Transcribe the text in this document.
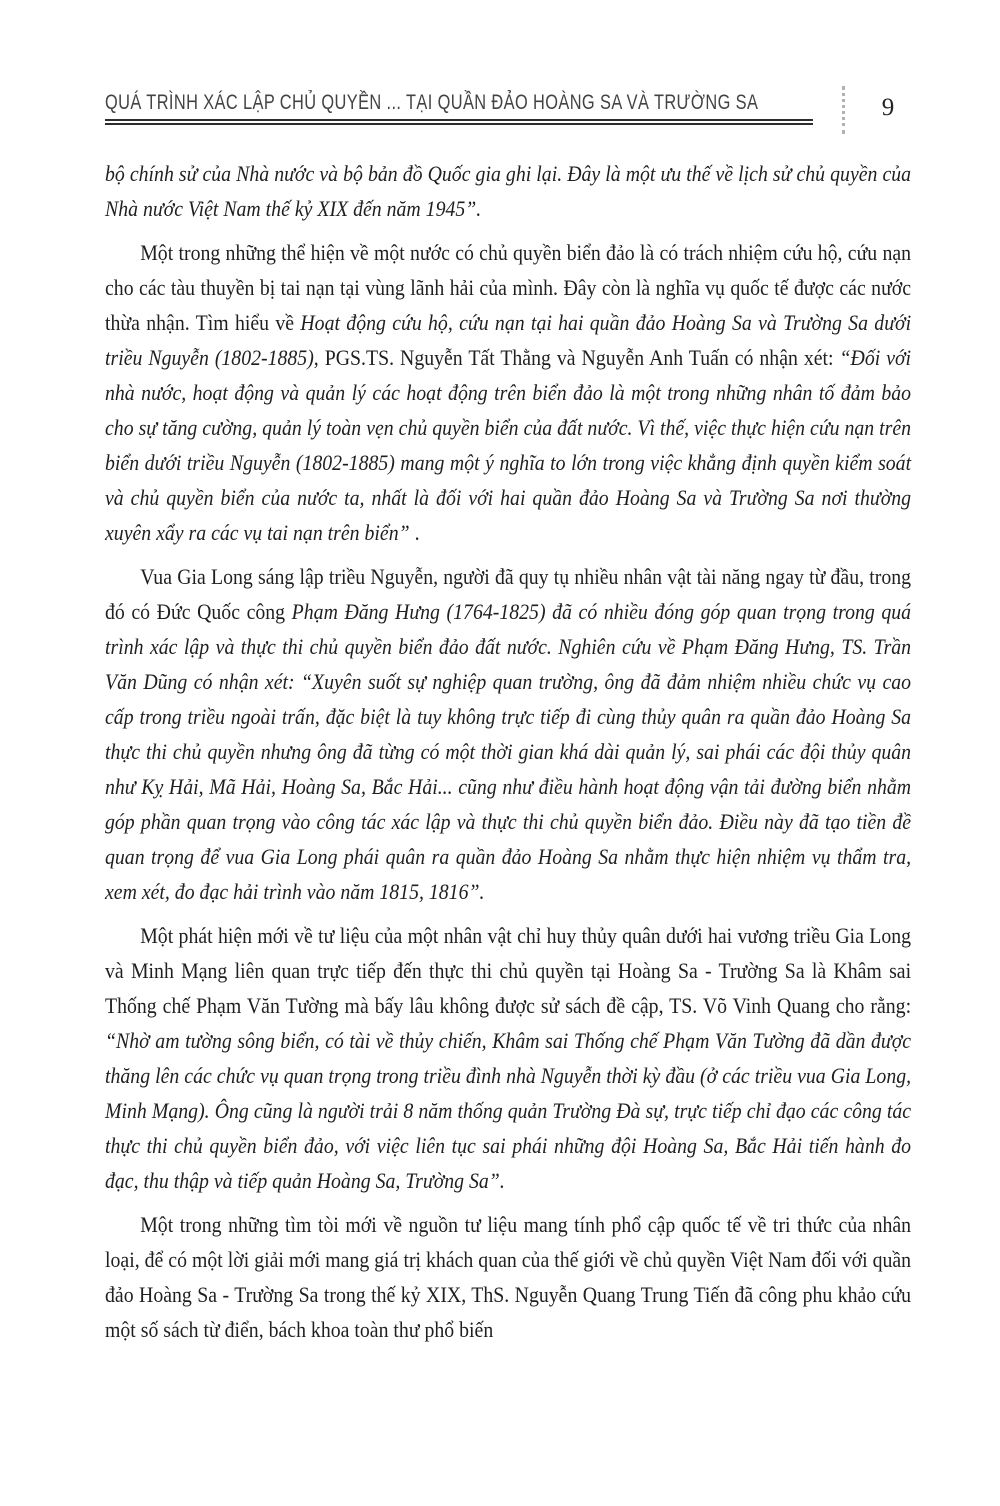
QUÁ TRÌNH XÁC LẬP CHỦ QUYỀN ... TẠI QUẦN ĐẢO HOÀNG SA VÀ TRƯỜNG SA	9

bộ chính sử của Nhà nước và bộ bản đồ Quốc gia ghi lại. Đây là một ưu thế về lịch sử chủ quyền của Nhà nước Việt Nam thế kỷ XIX đến năm 1945”.

Một trong những thể hiện về một nước có chủ quyền biển đảo là có trách nhiệm cứu hộ, cứu nạn cho các tàu thuyền bị tai nạn tại vùng lãnh hải của mình. Đây còn là nghĩa vụ quốc tế được các nước thừa nhận. Tìm hiểu về Hoạt động cứu hộ, cứu nạn tại hai quần đảo Hoàng Sa và Trường Sa dưới triều Nguyễn (1802-1885), PGS.TS. Nguyễn Tất Thằng và Nguyễn Anh Tuấn có nhận xét: “Đối với nhà nước, hoạt động và quản lý các hoạt động trên biển đảo là một trong những nhân tố đảm bảo cho sự tăng cường, quản lý toàn vẹn chủ quyền biển của đất nước. Vì thế, việc thực hiện cứu nạn trên biển dưới triều Nguyễn (1802-1885) mang một ý nghĩa to lớn trong việc khẳng định quyền kiểm soát và chủ quyền biển của nước ta, nhất là đối với hai quần đảo Hoàng Sa và Trường Sa nơi thường xuyên xẩy ra các vụ tai nạn trên biển” .

Vua Gia Long sáng lập triều Nguyễn, người đã quy tụ nhiều nhân vật tài năng ngay từ đầu, trong đó có Đức Quốc công Phạm Đăng Hưng (1764-1825) đã có nhiều đóng góp quan trọng trong quá trình xác lập và thực thi chủ quyền biển đảo đất nước. Nghiên cứu về Phạm Đăng Hưng, TS. Trần Văn Dũng có nhận xét: “Xuyên suốt sự nghiệp quan trường, ông đã đảm nhiệm nhiều chức vụ cao cấp trong triều ngoài trấn, đặc biệt là tuy không trực tiếp đi cùng thủy quân ra quần đảo Hoàng Sa thực thi chủ quyền nhưng ông đã từng có một thời gian khá dài quản lý, sai phái các đội thủy quân như Kỵ Hải, Mã Hải, Hoàng Sa, Bắc Hải... cũng như điều hành hoạt động vận tải đường biển nhằm góp phần quan trọng vào công tác xác lập và thực thi chủ quyền biển đảo. Điều này đã tạo tiền đề quan trọng để vua Gia Long phái quân ra quần đảo Hoàng Sa nhằm thực hiện nhiệm vụ thẩm tra, xem xét, đo đạc hải trình vào năm 1815, 1816”.

Một phát hiện mới về tư liệu của một nhân vật chỉ huy thủy quân dưới hai vương triều Gia Long và Minh Mạng liên quan trực tiếp đến thực thi chủ quyền tại Hoàng Sa - Trường Sa là Khâm sai Thống chế Phạm Văn Tường mà bấy lâu không được sử sách đề cập, TS. Võ Vinh Quang cho rằng: “Nhờ am tường sông biển, có tài về thủy chiến, Khâm sai Thống chế Phạm Văn Tường đã dần được thăng lên các chức vụ quan trọng trong triều đình nhà Nguyễn thời kỳ đầu (ở các triều vua Gia Long, Minh Mạng). Ông cũng là người trải 8 năm thống quản Trường Đà sự, trực tiếp chỉ đạo các công tác thực thi chủ quyền biển đảo, với việc liên tục sai phái những đội Hoàng Sa, Bắc Hải tiến hành đo đạc, thu thập và tiếp quản Hoàng Sa, Trường Sa”.

Một trong những tìm tòi mới về nguồn tư liệu mang tính phổ cập quốc tế về tri thức của nhân loại, để có một lời giải mới mang giá trị khách quan của thế giới về chủ quyền Việt Nam đối với quần đảo Hoàng Sa - Trường Sa trong thế kỷ XIX, ThS. Nguyễn Quang Trung Tiến đã công phu khảo cứu một số sách từ điển, bách khoa toàn thư phổ biến
